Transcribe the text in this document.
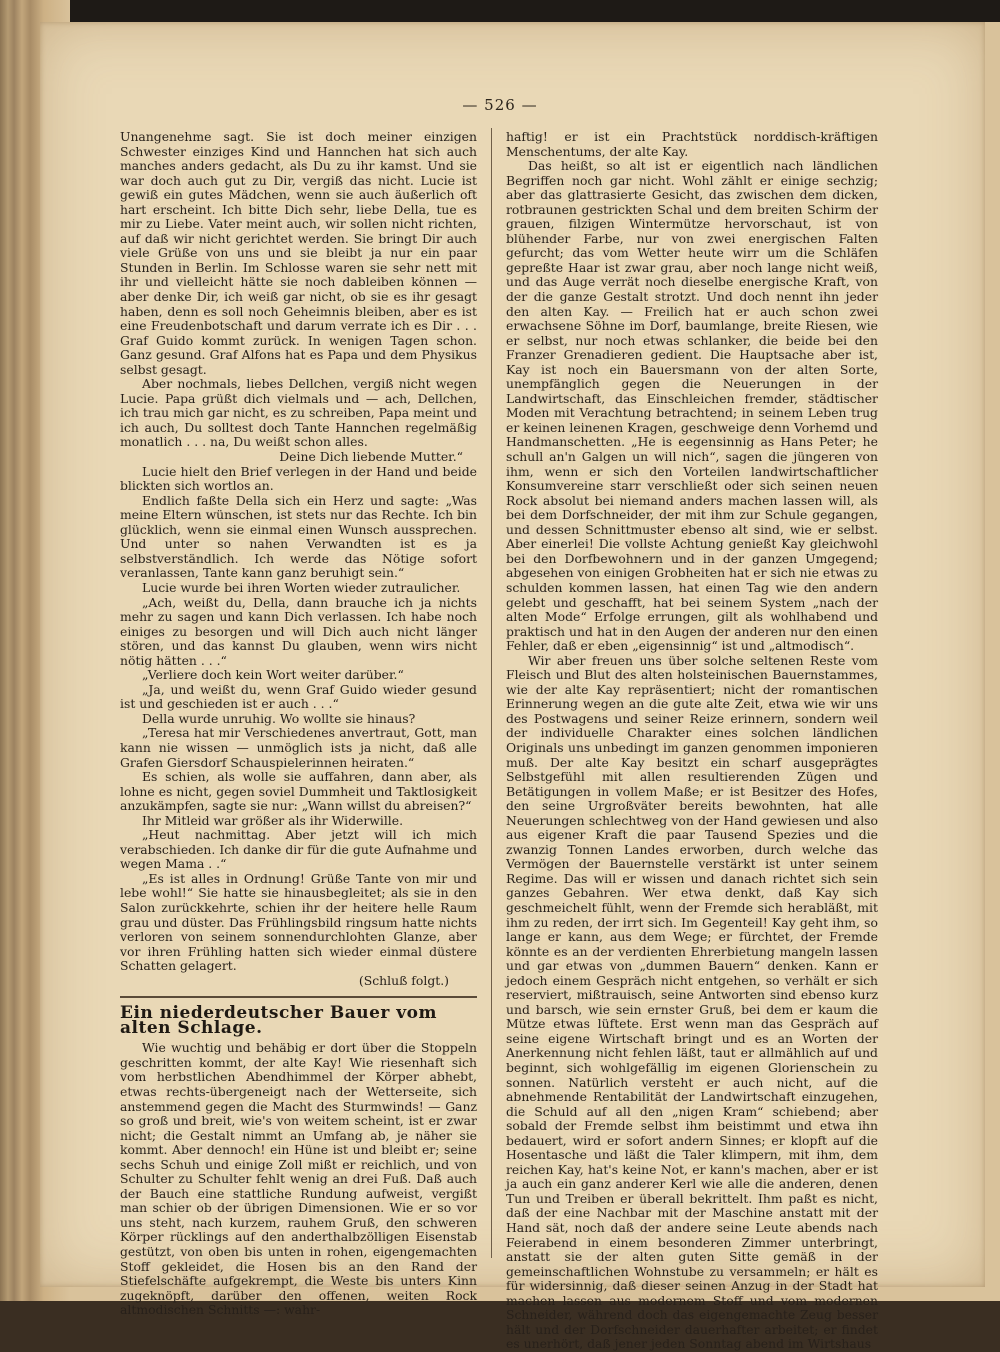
— 526 —

Unangenehme sagt. Sie ist doch meiner einzigen Schwester einziges Kind und Hannchen hat sich auch manches anders gedacht, als Du zu ihr kamst. Und sie war doch auch gut zu Dir, vergiß das nicht. Lucie ist gewiß ein gutes Mädchen, wenn sie auch äußerlich oft hart erscheint. Ich bitte Dich sehr, liebe Della, tue es mir zu Liebe. Vater meint auch, wir sollen nicht richten, auf daß wir nicht gerichtet werden. Sie bringt Dir auch viele Grüße von uns und sie bleibt ja nur ein paar Stunden in Berlin. Im Schlosse waren sie sehr nett mit ihr und vielleicht hätte sie noch dableiben können — aber denke Dir, ich weiß gar nicht, ob sie es ihr gesagt haben, denn es soll noch Geheimnis bleiben, aber es ist eine Freudenbotschaft und darum verrate ich es Dir . . . Graf Guido kommt zurück. In wenigen Tagen schon. Ganz gesund. Graf Alfons hat es Papa und dem Physikus selbst gesagt.

Aber nochmals, liebes Dellchen, vergiß nicht wegen Lucie. Papa grüßt dich vielmals und — ach, Dellchen, ich trau mich gar nicht, es zu schreiben, Papa meint und ich auch, Du solltest doch Tante Hannchen regelmäßig monatlich . . . na, Du weißt schon alles.

Deine Dich liebende Mutter.“

Lucie hielt den Brief verlegen in der Hand und beide blickten sich wortlos an.

Endlich faßte Della sich ein Herz und sagte: „Was meine Eltern wünschen, ist stets nur das Rechte. Ich bin glücklich, wenn sie einmal einen Wunsch aussprechen. Und unter so nahen Verwandten ist es ja selbstverständlich. Ich werde das Nötige sofort veranlassen, Tante kann ganz beruhigt sein.“

Lucie wurde bei ihren Worten wieder zutraulicher.

„Ach, weißt du, Della, dann brauche ich ja nichts mehr zu sagen und kann Dich verlassen. Ich habe noch einiges zu besorgen und will Dich auch nicht länger stören, und das kannst Du glauben, wenn wirs nicht nötig hätten . . .“

„Verliere doch kein Wort weiter darüber.“

„Ja, und weißt du, wenn Graf Guido wieder gesund ist und geschieden ist er auch . . .“

Della wurde unruhig. Wo wollte sie hinaus?

„Teresa hat mir Verschiedenes anvertraut, Gott, man kann nie wissen — unmöglich ists ja nicht, daß alle Grafen Giersdorf Schauspielerinnen heiraten.“

Es schien, als wolle sie auffahren, dann aber, als lohne es nicht, gegen soviel Dummheit und Taktlosigkeit anzukämpfen, sagte sie nur: „Wann willst du abreisen?“

Ihr Mitleid war größer als ihr Widerwille.

„Heut nachmittag. Aber jetzt will ich mich verabschieden. Ich danke dir für die gute Aufnahme und wegen Mama . .“

„Es ist alles in Ordnung! Grüße Tante von mir und lebe wohl!“ Sie hatte sie hinausbegleitet; als sie in den Salon zurückkehrte, schien ihr der heitere helle Raum grau und düster. Das Frühlingsbild ringsum hatte nichts verloren von seinem sonnendurchlohten Glanze, aber vor ihren Frühling hatten sich wieder einmal düstere Schatten gelagert.

(Schluß folgt.)

Ein niederdeutscher Bauer vom alten Schlage.

Wie wuchtig und behäbig er dort über die Stoppeln geschritten kommt, der alte Kay! Wie riesenhaft sich vom herbstlichen Abendhimmel der Körper abhebt, etwas rechts-übergeneigt nach der Wetterseite, sich anstemmend gegen die Macht des Sturmwinds! — Ganz so groß und breit, wie's von weitem scheint, ist er zwar nicht; die Gestalt nimmt an Umfang ab, je näher sie kommt. Aber dennoch! ein Hüne ist und bleibt er; seine sechs Schuh und einige Zoll mißt er reichlich, und von Schulter zu Schulter fehlt wenig an drei Fuß. Daß auch der Bauch eine stattliche Rundung aufweist, vergißt man schier ob der übrigen Dimensionen. Wie er so vor uns steht, nach kurzem, rauhem Gruß, den schweren Körper rücklings auf den anderthalbzölligen Eisenstab gestützt, von oben bis unten in rohen, eigengemachten Stoff gekleidet, die Hosen bis an den Rand der Stiefelschäfte aufgekrempt, die Weste bis unters Kinn zugeknöpft, darüber den offenen, weiten Rock altmodischen Schnitts —: wahr-

haftig! er ist ein Prachtstück norddisch-kräftigen Menschentums, der alte Kay.

Das heißt, so alt ist er eigentlich nach ländlichen Begriffen noch gar nicht. Wohl zählt er einige sechzig; aber das glattrasierte Gesicht, das zwischen dem dicken, rotbraunen gestrickten Schal und dem breiten Schirm der grauen, filzigen Wintermütze hervorschaut, ist von blühender Farbe, nur von zwei energischen Falten gefurcht; das vom Wetter heute wirr um die Schläfen gepreßte Haar ist zwar grau, aber noch lange nicht weiß, und das Auge verrät noch dieselbe energische Kraft, von der die ganze Gestalt strotzt. Und doch nennt ihn jeder den alten Kay. — Freilich hat er auch schon zwei erwachsene Söhne im Dorf, baumlange, breite Riesen, wie er selbst, nur noch etwas schlanker, die beide bei den Franzer Grenadieren gedient. Die Hauptsache aber ist, Kay ist noch ein Bauersmann von der alten Sorte, unempfänglich gegen die Neuerungen in der Landwirtschaft, das Einschleichen fremder, städtischer Moden mit Verachtung betrachtend; in seinem Leben trug er keinen leinenen Kragen, geschweige denn Vorhemd und Handmanschetten. „He is eegensinnig as Hans Peter; he schull an'n Galgen un will nich“, sagen die jüngeren von ihm, wenn er sich den Vorteilen landwirtschaftlicher Konsumvereine starr verschließt oder sich seinen neuen Rock absolut bei niemand anders machen lassen will, als bei dem Dorfschneider, der mit ihm zur Schule gegangen, und dessen Schnittmuster ebenso alt sind, wie er selbst. Aber einerlei! Die vollste Achtung genießt Kay gleichwohl bei den Dorfbewohnern und in der ganzen Umgegend; abgesehen von einigen Grobheiten hat er sich nie etwas zu schulden kommen lassen, hat einen Tag wie den andern gelebt und geschafft, hat bei seinem System „nach der alten Mode“ Erfolge errungen, gilt als wohlhabend und praktisch und hat in den Augen der anderen nur den einen Fehler, daß er eben „eigensinnig“ ist und „altmodisch“.

Wir aber freuen uns über solche seltenen Reste vom Fleisch und Blut des alten holsteinischen Bauernstammes, wie der alte Kay repräsentiert; nicht der romantischen Erinnerung wegen an die gute alte Zeit, etwa wie wir uns des Postwagens und seiner Reize erinnern, sondern weil der individuelle Charakter eines solchen ländlichen Originals uns unbedingt im ganzen genommen imponieren muß. Der alte Kay besitzt ein scharf ausgeprägtes Selbstgefühl mit allen resultierenden Zügen und Betätigungen in vollem Maße; er ist Besitzer des Hofes, den seine Urgroßväter bereits bewohnten, hat alle Neuerungen schlechtweg von der Hand gewiesen und also aus eigener Kraft die paar Tausend Spezies und die zwanzig Tonnen Landes erworben, durch welche das Vermögen der Bauernstelle verstärkt ist unter seinem Regime. Das will er wissen und danach richtet sich sein ganzes Gebahren. Wer etwa denkt, daß Kay sich geschmeichelt fühlt, wenn der Fremde sich herabläßt, mit ihm zu reden, der irrt sich. Im Gegenteil! Kay geht ihm, so lange er kann, aus dem Wege; er fürchtet, der Fremde könnte es an der verdienten Ehrerbietung mangeln lassen und gar etwas von „dummen Bauern“ denken. Kann er jedoch einem Gespräch nicht entgehen, so verhält er sich reserviert, mißtrauisch, seine Antworten sind ebenso kurz und barsch, wie sein ernster Gruß, bei dem er kaum die Mütze etwas lüftete. Erst wenn man das Gespräch auf seine eigene Wirtschaft bringt und es an Worten der Anerkennung nicht fehlen läßt, taut er allmählich auf und beginnt, sich wohlgefällig im eigenen Glorienschein zu sonnen. Natürlich versteht er auch nicht, auf die abnehmende Rentabilität der Landwirtschaft einzugehen, die Schuld auf all den „nigen Kram“ schiebend; aber sobald der Fremde selbst ihm beistimmt und etwa ihn bedauert, wird er sofort andern Sinnes; er klopft auf die Hosentasche und läßt die Taler klimpern, mit ihm, dem reichen Kay, hat's keine Not, er kann's machen, aber er ist ja auch ein ganz anderer Kerl wie alle die anderen, denen Tun und Treiben er überall bekrittelt. Ihm paßt es nicht, daß der eine Nachbar mit der Maschine anstatt mit der Hand sät, noch daß der andere seine Leute abends nach Feierabend in einem besonderen Zimmer unterbringt, anstatt sie der alten guten Sitte gemäß in der gemeinschaftlichen Wohnstube zu versammeln; er hält es für widersinnig, daß dieser seinen Anzug in der Stadt hat machen lassen aus modernem Stoff und vom modernen Schneider, während doch das eigengemachte Zeug besser hält und der Dorfschneider dauerhafter arbeitet; er findet es unerhört, daß jener jeden Sonntag abend im Wirtshaus
